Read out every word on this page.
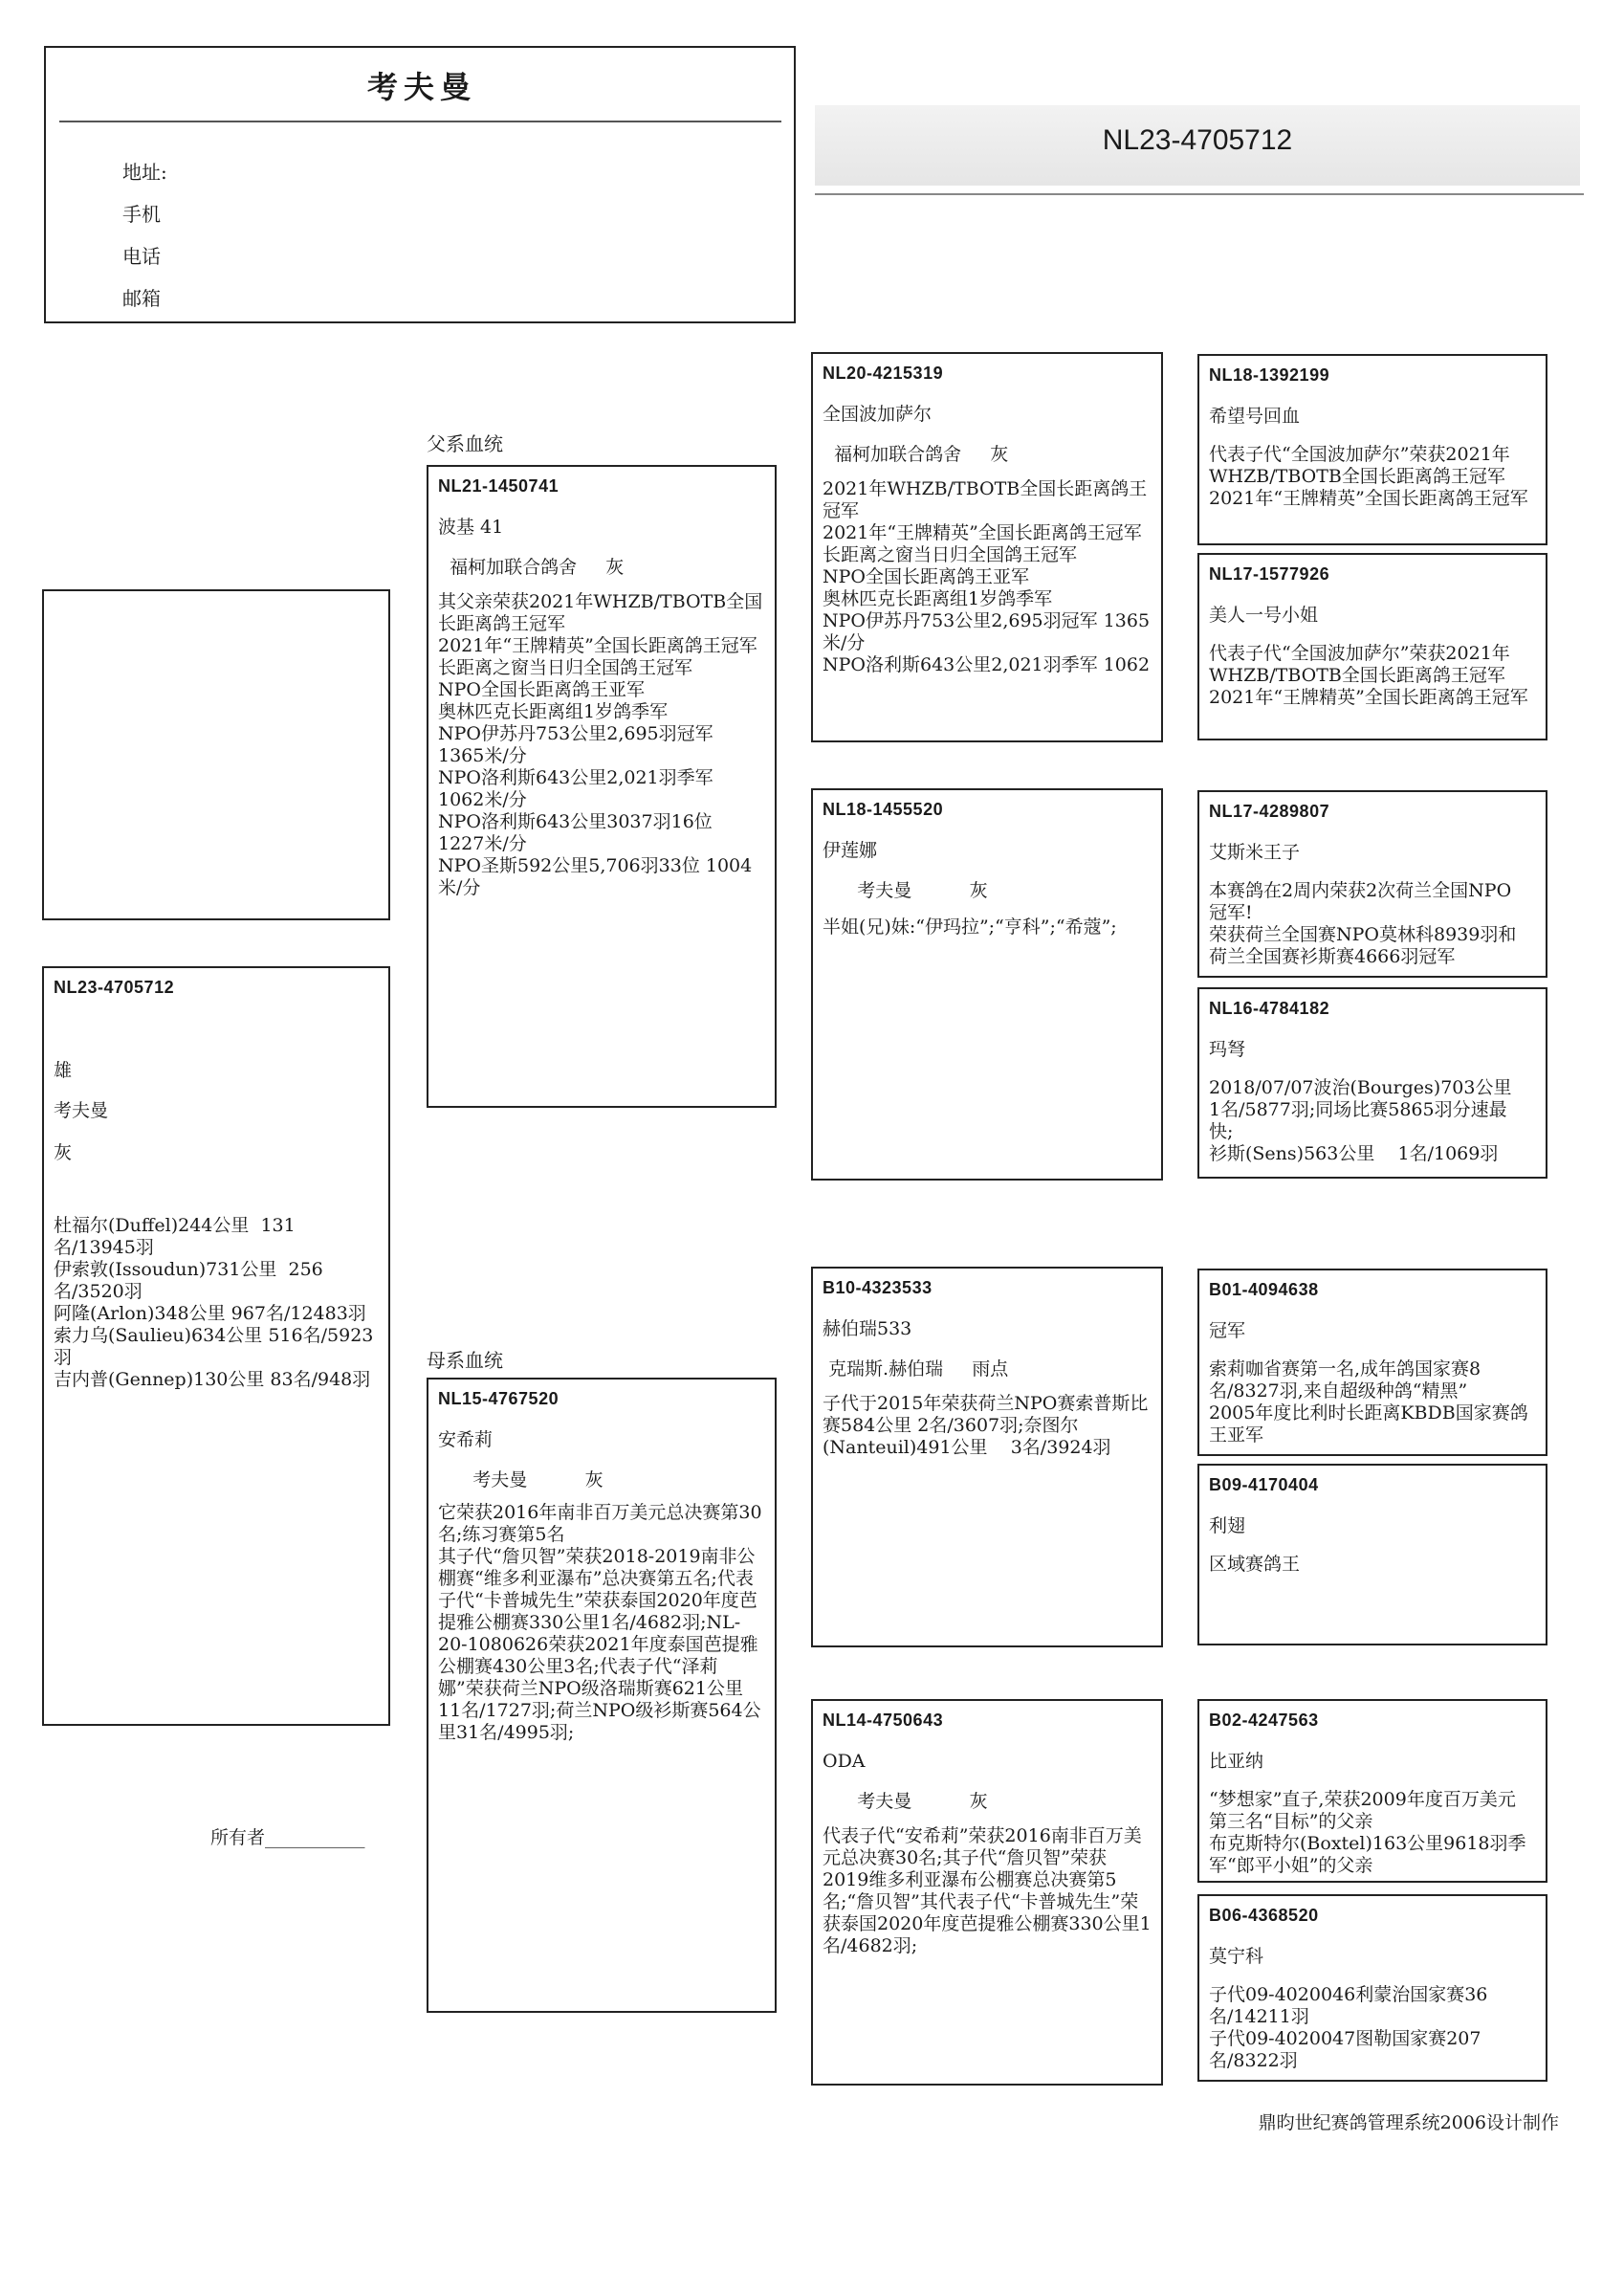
考夫曼
地址:
手机
电话
邮箱
NL23-4705712
NL23-4705712
雄
考夫曼
灰
杜福尔(Duffel)244公里  131名/13945羽
伊索敦(Issoudun)731公里  256名/3520羽
阿隆(Arlon)348公里 967名/12483羽
索力乌(Saulieu)634公里 516名/5923羽
吉内普(Gennep)130公里 83名/948羽
所有者___________
父系血统
母系血统
NL21-1450741
波基 41
福柯加联合鸽舍     灰
其父亲荣获2021年WHZB/TBOTB全国长距离鸽王冠军
2021年“王牌精英”全国长距离鸽王冠军
长距离之窗当日归全国鸽王冠军
NPO全国长距离鸽王亚军
奥林匹克长距离组1岁鸽季军
NPO伊苏丹753公里2,695羽冠军 1365米/分
NPO洛利斯643公里2,021羽季军 1062米/分
NPO洛利斯643公里3037羽16位 1227米/分
NPO圣斯592公里5,706羽33位 1004米/分
NL15-4767520
安希莉
考夫曼          灰
它荣获2016年南非百万美元总决赛第30名;练习赛第5名
其子代“詹贝智”荣获2018-2019南非公棚赛“维多利亚瀑布”总决赛第五名;代表子代“卡普城先生”荣获泰国2020年度芭提雅公棚赛330公里1名/4682羽;NL-20-1080626荣获2021年度泰国芭提雅公棚赛430公里3名;代表子代“泽莉娜”荣获荷兰NPO级洛瑞斯赛621公里11名/1727羽;荷兰NPO级衫斯赛564公里31名/4995羽;
NL20-4215319
全国波加萨尔
福柯加联合鸽舍     灰
2021年WHZB/TBOTB全国长距离鸽王冠军
2021年“王牌精英”全国长距离鸽王冠军
长距离之窗当日归全国鸽王冠军
NPO全国长距离鸽王亚军
奥林匹克长距离组1岁鸽季军
NPO伊苏丹753公里2,695羽冠军 1365米/分
NPO洛利斯643公里2,021羽季军 1062
NL18-1455520
伊莲娜
考夫曼          灰
半姐(兄)妹:“伊玛拉”;“亨科”;“希蔻”;
B10-4323533
赫伯瑞533
克瑞斯.赫伯瑞     雨点
子代于2015年荣获荷兰NPO赛索普斯比赛584公里 2名/3607羽;奈图尔(Nanteuil)491公里    3名/3924羽
NL14-4750643
ODA
考夫曼          灰
代表子代“安希莉”荣获2016南非百万美元总决赛30名;其子代“詹贝智”荣获2019维多利亚瀑布公棚赛总决赛第5名;“詹贝智”其代表子代“卡普城先生”荣获泰国2020年度芭提雅公棚赛330公里1名/4682羽;
NL18-1392199
希望号回血
代表子代“全国波加萨尔”荣获2021年WHZB/TBOTB全国长距离鸽王冠军
2021年“王牌精英”全国长距离鸽王冠军
NL17-1577926
美人一号小姐
代表子代“全国波加萨尔”荣获2021年WHZB/TBOTB全国长距离鸽王冠军
2021年“王牌精英”全国长距离鸽王冠军
NL17-4289807
艾斯米王子
本赛鸽在2周内荣获2次荷兰全国NPO冠军!
荣获荷兰全国赛NPO莫林科8939羽和荷兰全国赛衫斯赛4666羽冠军
NL16-4784182
玛弩
2018/07/07波治(Bourges)703公里    1名/5877羽;同场比赛5865羽分速最快;
衫斯(Sens)563公里    1名/1069羽
B01-4094638
冠军
索莉咖省赛第一名,成年鸽国家赛8名/8327羽,来自超级种鸽“精黑”
2005年度比利时长距离KBDB国家赛鸽王亚军
B09-4170404
利翅
区域赛鸽王
B02-4247563
比亚纳
“梦想家”直子,荣获2009年度百万美元第三名“目标”的父亲
布克斯特尔(Boxtel)163公里9618羽季军“郎平小姐”的父亲
B06-4368520
莫宁科
子代09-4020046利蒙治国家赛36名/14211羽
子代09-4020047图勒国家赛207名/8322羽
鼎昀世纪赛鸽管理系统2006设计制作
